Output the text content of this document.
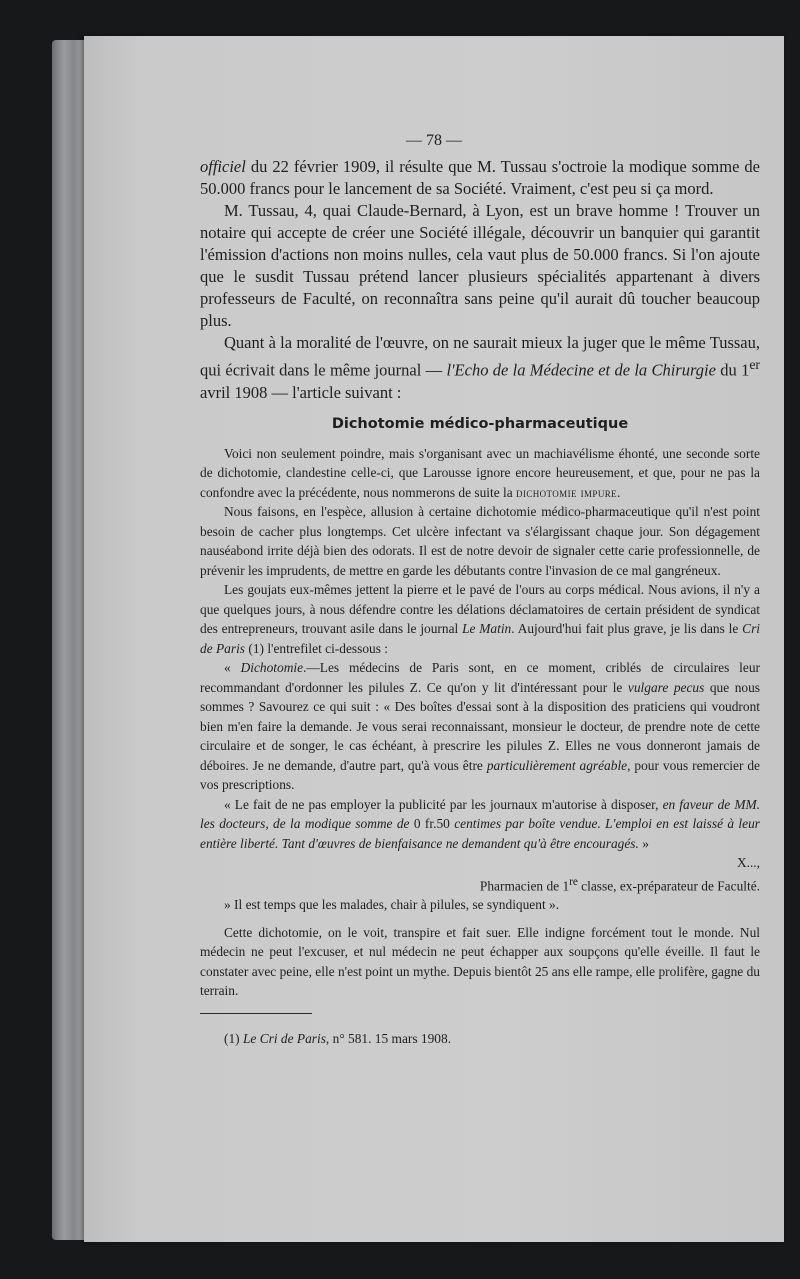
— 78 —

officiel du 22 février 1909, il résulte que M. Tussau s'octroie la modique somme de 50.000 francs pour le lancement de sa Société. Vraiment, c'est peu si ça mord.

M. Tussau, 4, quai Claude-Bernard, à Lyon, est un brave homme ! Trouver un notaire qui accepte de créer une Société illégale, découvrir un banquier qui garantit l'émission d'actions non moins nulles, cela vaut plus de 50.000 francs. Si l'on ajoute que le susdit Tussau prétend lancer plusieurs spécialités appartenant à divers professeurs de Faculté, on reconnaîtra sans peine qu'il aurait dû toucher beaucoup plus.

Quant à la moralité de l'œuvre, on ne saurait mieux la juger que le même Tussau, qui écrivait dans le même journal — l'Echo de la Médecine et de la Chirurgie du 1er avril 1908 — l'article suivant :

Dichotomie médico-pharmaceutique

Voici non seulement poindre, mais s'organisant avec un machiavélisme éhonté, une seconde sorte de dichotomie, clandestine celle-ci, que Larousse ignore encore heureusement, et que, pour ne pas la confondre avec la précédente, nous nommerons de suite la dichotomie impure.

Nous faisons, en l'espèce, allusion à certaine dichotomie médico-pharmaceutique qu'il n'est point besoin de cacher plus longtemps. Cet ulcère infectant va s'élargissant chaque jour. Son dégagement nauséabond irrite déjà bien des odorats. Il est de notre devoir de signaler cette carie professionnelle, de prévenir les imprudents, de mettre en garde les débutants contre l'invasion de ce mal gangréneux.

Les goujats eux-mêmes jettent la pierre et le pavé de l'ours au corps médical. Nous avions, il n'y a que quelques jours, à nous défendre contre les délations déclamatoires de certain président de syndicat des entrepreneurs, trouvant asile dans le journal Le Matin. Aujourd'hui fait plus grave, je lis dans le Cri de Paris (1) l'entrefilet ci-dessous :

« Dichotomie.—Les médecins de Paris sont, en ce moment, criblés de circulaires leur recommandant d'ordonner les pilules Z. Ce qu'on y lit d'intéressant pour le vulgare pecus que nous sommes ? Savourez ce qui suit : « Des boîtes d'essai sont à la disposition des praticiens qui voudront bien m'en faire la demande. Je vous serai reconnaissant, monsieur le docteur, de prendre note de cette circulaire et de songer, le cas échéant, à prescrire les pilules Z. Elles ne vous donneront jamais de déboires. Je ne demande, d'autre part, qu'à vous être particulièrement agréable, pour vous remercier de vos prescriptions.

« Le fait de ne pas employer la publicité par les journaux m'autorise à disposer, en faveur de MM. les docteurs, de la modique somme de 0 fr.50 centimes par boîte vendue. L'emploi en est laissé à leur entière liberté. Tant d'œuvres de bienfaisance ne demandent qu'à être encouragés. »

X...,

Pharmacien de 1re classe, ex-préparateur de Faculté.

» Il est temps que les malades, chair à pilules, se syndiquent ».

Cette dichotomie, on le voit, transpire et fait suer. Elle indigne forcément tout le monde. Nul médecin ne peut l'excuser, et nul médecin ne peut échapper aux soupçons qu'elle éveille. Il faut le constater avec peine, elle n'est point un mythe. Depuis bientôt 25 ans elle rampe, elle prolifère, gagne du terrain.

(1) Le Cri de Paris, n° 581. 15 mars 1908.
